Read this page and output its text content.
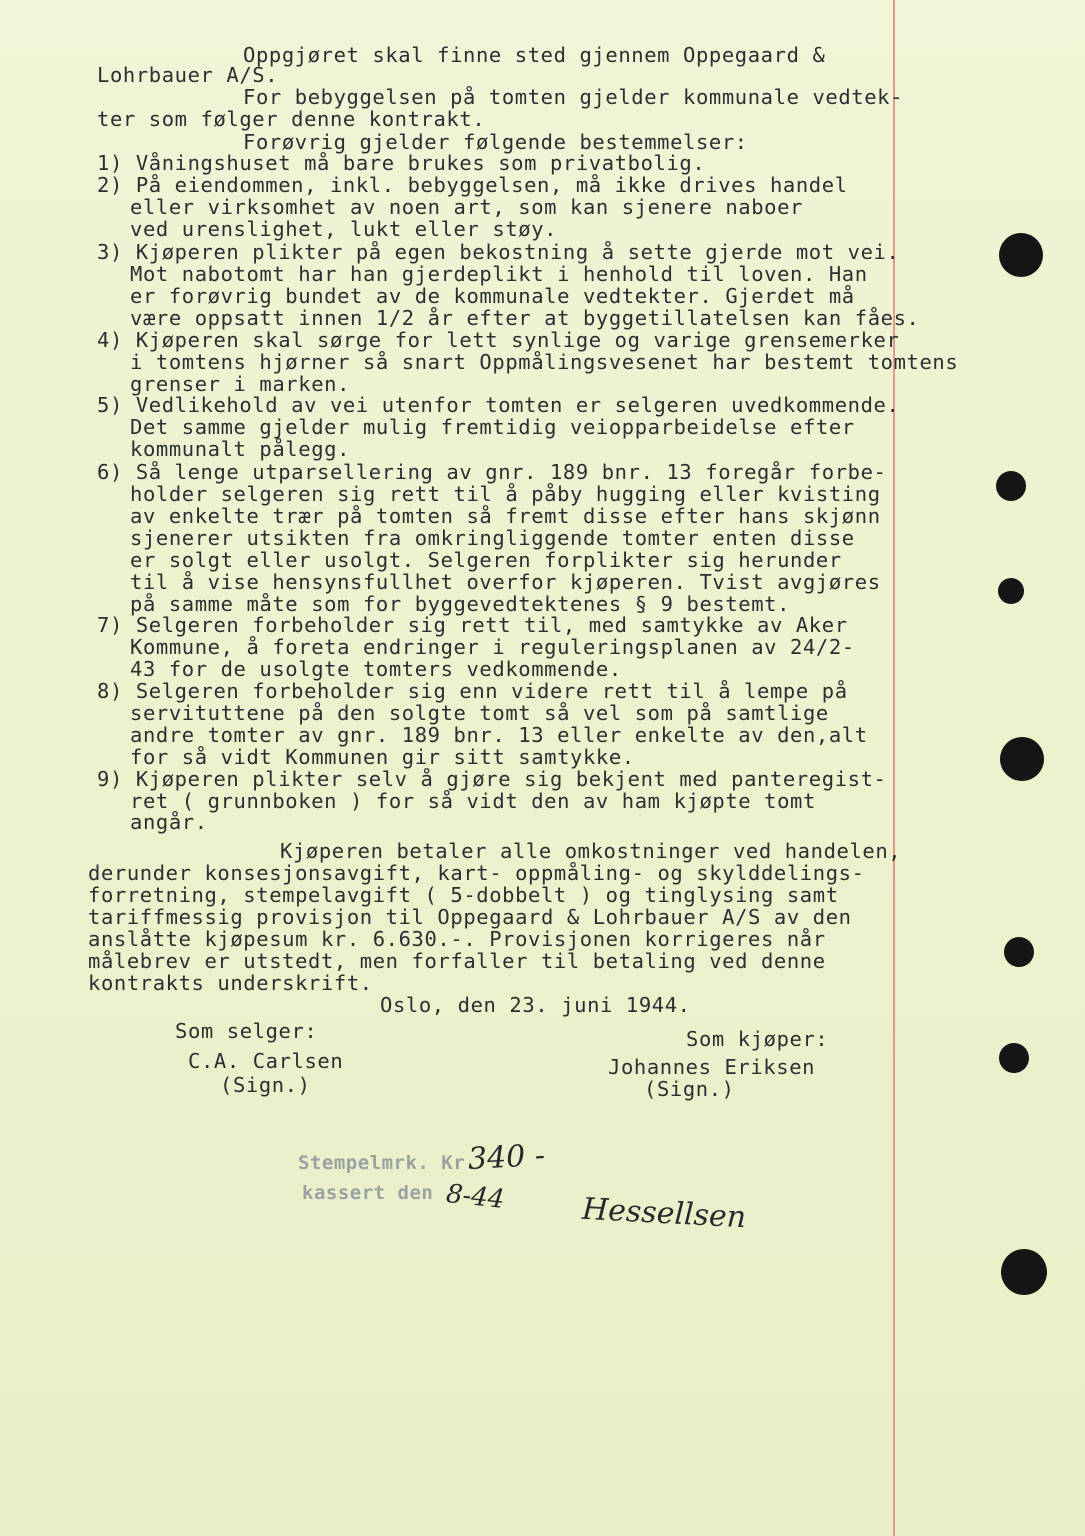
Oppgjøret skal finne sted gjennem Oppegaard &
Lohrbauer A/S.
For bebyggelsen på tomten gjelder kommunale vedtek-
ter som følger denne kontrakt.
Forøvrig gjelder følgende bestemmelser:
1) Våningshuset må bare brukes som privatbolig.
2) På eiendommen, inkl. bebyggelsen, må ikke drives handel
eller virksomhet av noen art, som kan sjenere naboer
ved urenslighet, lukt eller støy.
3) Kjøperen plikter på egen bekostning å sette gjerde mot vei.
Mot nabotomt har han gjerdeplikt i henhold til loven. Han
er forøvrig bundet av de kommunale vedtekter. Gjerdet må
være oppsatt innen 1/2 år efter at byggetillatelsen kan fåes.
4) Kjøperen skal sørge for lett synlige og varige grensemerker
i tomtens hjørner så snart Oppmålingsvesenet har bestemt tomtens
grenser i marken.
5) Vedlikehold av vei utenfor tomten er selgeren uvedkommende.
Det samme gjelder mulig fremtidig veiopparbeidelse efter
kommunalt pålegg.
6) Så lenge utparsellering av gnr. 189 bnr. 13 foregår forbe-
holder selgeren sig rett til å påby hugging eller kvisting
av enkelte trær på tomten så fremt disse efter hans skjønn
sjenerer utsikten fra omkringliggende tomter enten disse
er solgt eller usolgt. Selgeren forplikter sig herunder
til å vise hensynsfullhet overfor kjøperen. Tvist avgjøres
på samme måte som for byggevedtektenes § 9 bestemt.
7) Selgeren forbeholder sig rett til, med samtykke av Aker
Kommune, å foreta endringer i reguleringsplanen av 24/2-
43 for de usolgte tomters vedkommende.
8) Selgeren forbeholder sig enn videre rett til å lempe på
servituttene på den solgte tomt så vel som på samtlige
andre tomter av gnr. 189 bnr. 13 eller enkelte av den,alt
for så vidt Kommunen gir sitt samtykke.
9) Kjøperen plikter selv å gjøre sig bekjent med panteregist-
ret ( grunnboken ) for så vidt den av ham kjøpte tomt
angår.
Kjøperen betaler alle omkostninger ved handelen,
derunder konsesjonsavgift, kart- oppmåling- og skylddelings-
forretning, stempelavgift ( 5-dobbelt ) og tinglysing samt
tariffmessig provisjon til Oppegaard & Lohrbauer A/S av den
anslåtte kjøpesum kr. 6.630.-. Provisjonen korrigeres når
målebrev er utstedt, men forfaller til betaling ved denne
kontrakts underskrift.
Oslo, den 23. juni 1944.
Som selger:	Som kjøper:
C.A. Carlsen	Johannes Eriksen
(Sign.)	(Sign.)
Stempelmrk. Kr.
kassert den
340 -
8-44	Hessellsen
